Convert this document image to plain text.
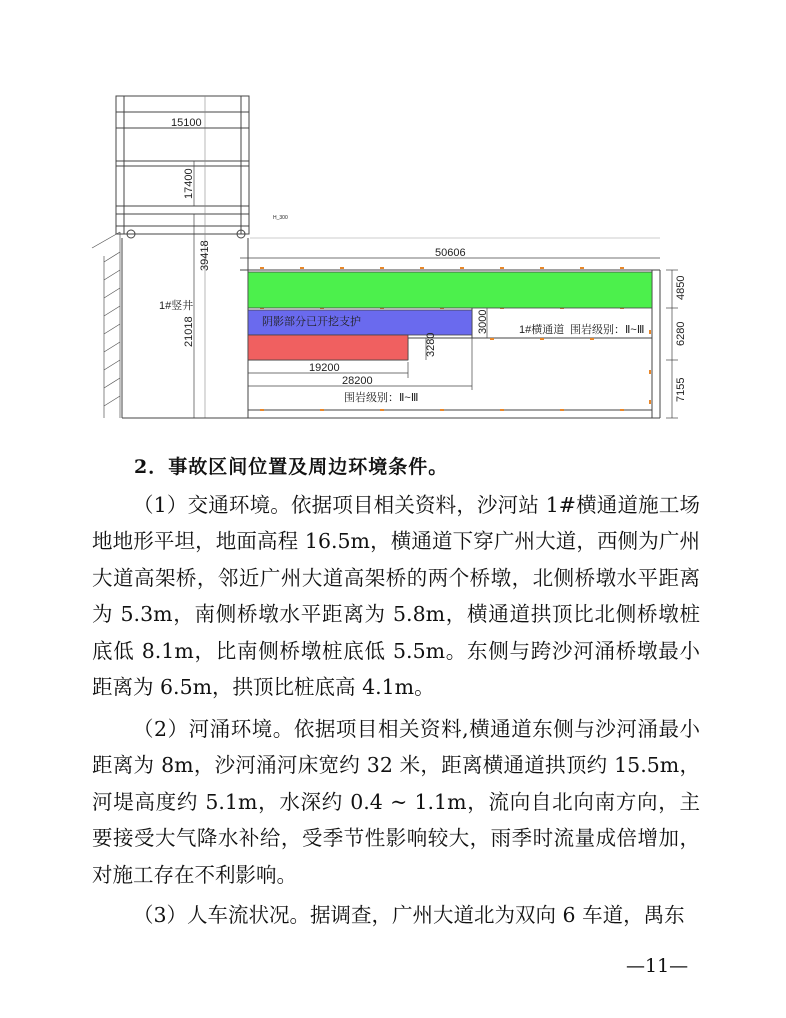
15100
17400
39418
21018
50606
4850
6280
7155
19200
28200
3280
3000
1#竖井
阴影部分已开挖支护
1#横通道 围岩级别：Ⅱ~Ⅲ
围岩级别：Ⅱ~Ⅲ
H_300
2．事故区间位置及周边环境条件。

（1）交通环境。依据项目相关资料，沙河站 1#横通道施工场地地形平坦，地面高程 16.5m，横通道下穿广州大道，西侧为广州大道高架桥，邻近广州大道高架桥的两个桥墩，北侧桥墩水平距离为 5.3m，南侧桥墩水平距离为 5.8m，横通道拱顶比北侧桥墩桩底低 8.1m，比南侧桥墩桩底低 5.5m。东侧与跨沙河涌桥墩最小距离为 6.5m，拱顶比桩底高 4.1m。

（2）河涌环境。依据项目相关资料,横通道东侧与沙河涌最小距离为 8m，沙河涌河床宽约 32 米，距离横通道拱顶约 15.5m，河堤高度约 5.1m，水深约 0.4 ~ 1.1m，流向自北向南方向，主要接受大气降水补给，受季节性影响较大，雨季时流量成倍增加，对施工存在不利影响。

（3）人车流状况。据调查，广州大道北为双向 6 车道，禺东

—11—
